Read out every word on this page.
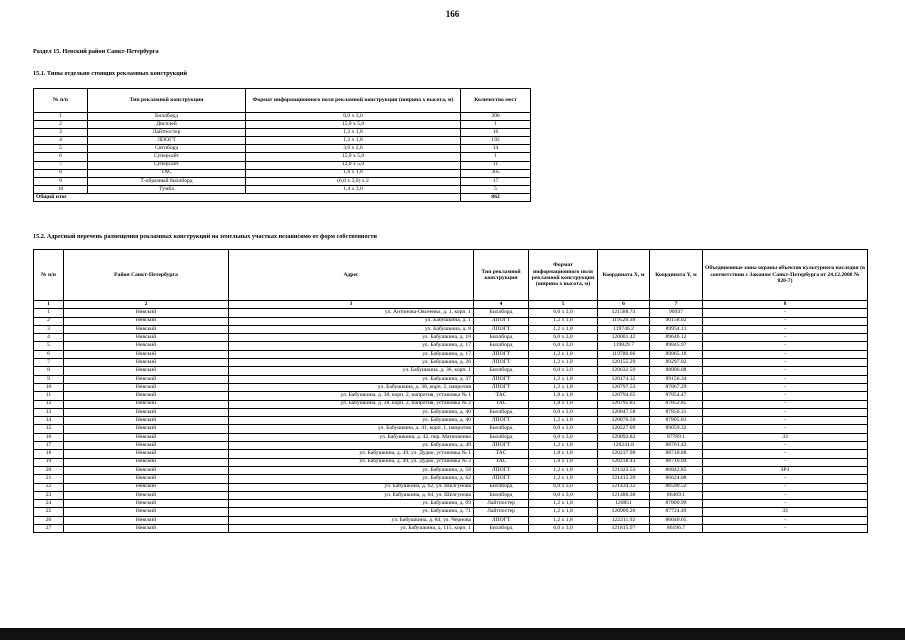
166
Раздел 15. Невский район Санкт-Петербурга
15.1. Типы отдельно стоящих рекламных конструкций
№ п/п	Тип рекламной конструкции	Формат информационного поля рекламной конструкции (ширина х высота, м)	Количество мест
1	Биллборд	6,0 х 3,0	300
2	Дисплей	15,0 х 5,0	1
3	Лайтпостер	1,2 х 1,8	16
4	ЛПОГТ	1,2 х 1,8	192
5	Ситиборд	3,6 х 2,6	14
6	Суперсайт	15,0 х 5,0	1
7	Суперсайт	12,0 х 5,0	11
8	ТАС	1,8 х 1,8	305
9	Т-образный биллборд	(6,0 х 3,0) х 2	17
10	Тумба	1,4 х 3,0	5
Общий итог			862
15.2. Адресный перечень размещения рекламных конструкций на земельных участках независимо от форм собственности
№ п/п	Район Санкт-Петербурга	Адрес	Тип рекламной конструкции	Формат информационного поля рекламной конструкции (ширина х высота, м)	Координата X, м	Координата Y, м	Объединенные зоны охраны объектов культурного наследия (в соответствии с Законом Санкт-Петербурга от 24.12.2008 № 820-7)
1	2	3	4	5	6	7	8
1	Невский	ул. Антонова-Овсеенко, д. 1, корп. 1	Биллборд	6,0 х 3,0	121588.74	90937	-
2	Невский	ул. Бабушкина, д. 1	ЛПОГТ	1,2 х 1,8	119526.38	90158.02	-
3	Невский	ул. Бабушкина, д. 8	ЛПОГТ	1,2 х 1,8	119746.2	89954.11	-
4	Невский	ул. Бабушкина, д. 16	Биллборд	6,0 х 3,0	120001.42	89646.12	-
5	Невский	ул. Бабушкина, д. 17	Биллборд	6,0 х 3,0	119829.7	89845.97	-
6	Невский	ул. Бабушкина, д. 17	ЛПОГТ	1,2 х 1,8	119780.66	89865.18	-
7	Невский	ул. Бабушкина, д. 26	ЛПОГТ	1,2 х 1,8	120155.29	89297.02	-
8	Невский	ул. Бабушкина, д. 36, корп. 1	Биллборд	6,0 х 3,0	120632.59	88806.08	-
9	Невский	ул. Бабушкина, д. 37	ЛПОГТ	1,2 х 1,8	120174.32	89156.34	-
10	Невский	ул. Бабушкина, д. 38, корп. 2, напротив	ЛПОГТ	1,2 х 1,8	120797.53	87867.29	-
11	Невский	ул. Бабушкина, д. 38, корп. 2, напротив, установка № 1	ТАС	1,8 х 1,8	120794.65	87854.47	-
12	Невский	ул. Бабушкина, д. 38, корп. 2, напротив, установка № 2	ТАС	1,8 х 1,8	120795.83	87852.85	-
13	Невский	ул. Бабушкина, д. 40	Биллборд	6,0 х 3,0	120847.58	87850.31	-
14	Невский	ул. Бабушкина, д. 40	ЛПОГТ	1,2 х 1,8	120876.56	87805.83	-
15	Невский	ул. Бабушкина, д. 41, корп. 1, напротив	Биллборд	6,0 х 3,0	120227.09	89059.32	-
16	Невский	ул. Бабушкина, д. 42, пер. Матюшенко	Биллборд	6,0 х 3,0	120892.82	87789.1	ЗЗ
17	Невский	ул. Бабушкина, д. 49	ЛПОГТ	1,2 х 1,8	120241.8	88701.42	-
18	Невский	ул. Бабушкина, д. 49, ул. Дудко, установка № 1	ТАС	1,8 х 1,8	120237.98	88718.88	-
19	Невский	ул. Бабушкина, д. 49, ул. Дудко, установка № 2	ТАС	1,8 х 1,8	120238.44	88716.94	-
20	Невский	ул. Бабушкина, д. 58	ЛПОГТ	1,2 х 1,8	121322.53	86842.85	ЗРЗ
21	Невский	ул. Бабушкина, д. 62	ЛПОГТ	1,2 х 1,8	121415.39	86624.08	-
22	Невский	ул. Бабушкина, д. 62, ул. Шелгунова	Биллборд	6,0 х 3,0	121434.32	86590.52	-
23	Невский	ул. Бабушкина, д. 64, ул. Шелгунова	Биллборд	6,0 х 3,0	121486.38	86469.1	-
24	Невский	ул. Бабушкина, д. 69	Лайтпостер	1,2 х 1,8	120851	87800.99	-
25	Невский	ул. Бабушкина, д. 71	Лайтпостер	1,2 х 1,8	120900.26	87724.49	ЗЗ
26	Невский	ул. Бабушкина, д. 84, ул. Чернова	ЛПОГТ	1,2 х 1,8	122211.92	86040.65	-
27	Невский	ул. Бабушкина, д. 115, корп. 1	Биллборд	6,0 х 3,0	121815.97	86196.7	-
